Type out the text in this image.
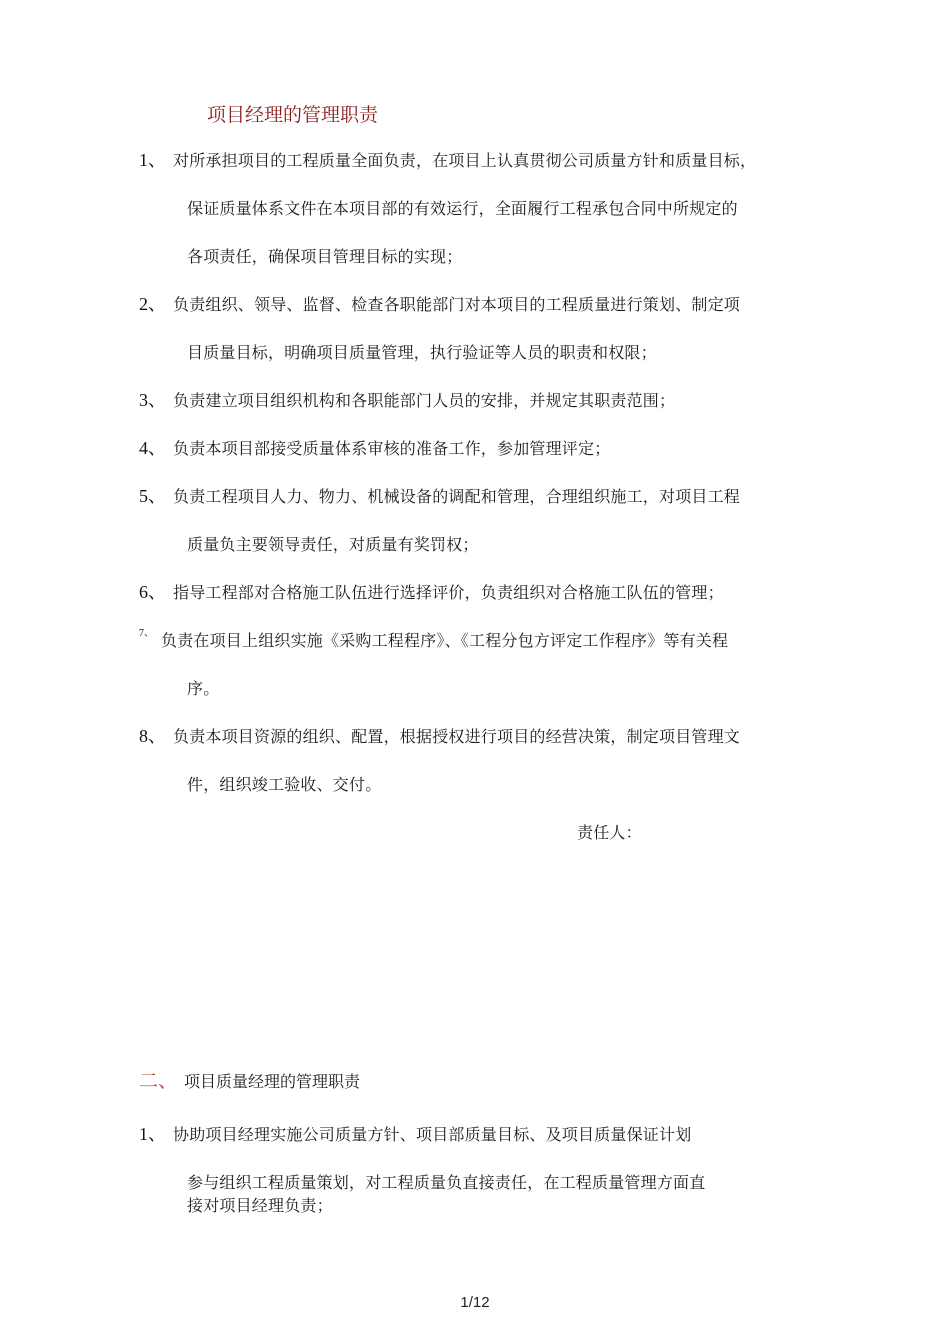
项目经理的管理职责
1、 对所承担项目的工程质量全面负责，在项目上认真贯彻公司质量方针和质量目标，
保证质量体系文件在本项目部的有效运行，全面履行工程承包合同中所规定的
各项责任，确保项目管理目标的实现；
2、 负责组织、领导、监督、检查各职能部门对本项目的工程质量进行策划、制定项
目质量目标，明确项目质量管理，执行验证等人员的职责和权限；
3、 负责建立项目组织机构和各职能部门人员的安排，并规定其职责范围；
4、 负责本项目部接受质量体系审核的准备工作，参加管理评定；
5、 负责工程项目人力、物力、机械设备的调配和管理，合理组织施工，对项目工程
质量负主要领导责任，对质量有奖罚权；
6、 指导工程部对合格施工队伍进行选择评价，负责组织对合格施工队伍的管理；
7、 负责在项目上组织实施《采购工程程序》、《工程分包方评定工作程序》等有关程
序。
8、 负责本项目资源的组织、配置，根据授权进行项目的经营决策，制定项目管理文
件，组织竣工验收、交付。
责任人：
二、 项目质量经理的管理职责
1、 协助项目经理实施公司质量方针、项目部质量目标、及项目质量保证计划
参与组织工程质量策划，对工程质量负直接责任，在工程质量管理方面直
接对项目经理负责；
1/12
